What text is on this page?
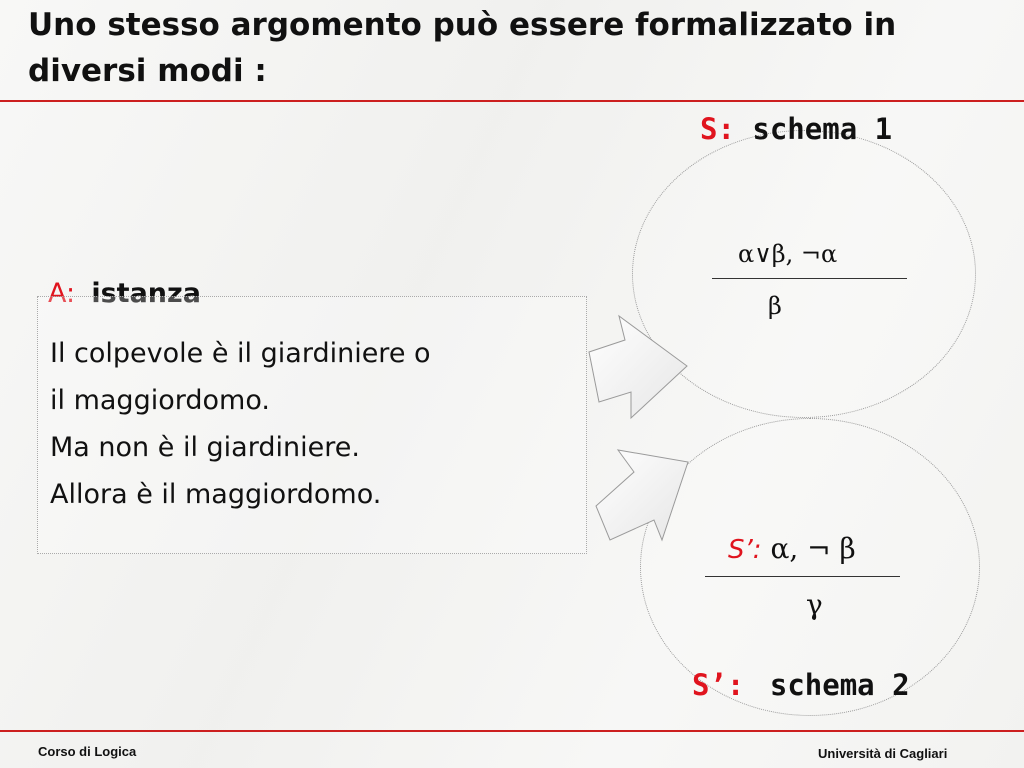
Uno stesso argomento può essere formalizzato in diversi modi :
S: schema 1
α∨β, ¬α
β
S’: α, ¬ β
γ
S’: schema 2
A: istanza
Il colpevole è il giardiniere o
il maggiordomo.
Ma non è il giardiniere.
Allora è il maggiordomo.
Corso di Logica	Università di Cagliari
